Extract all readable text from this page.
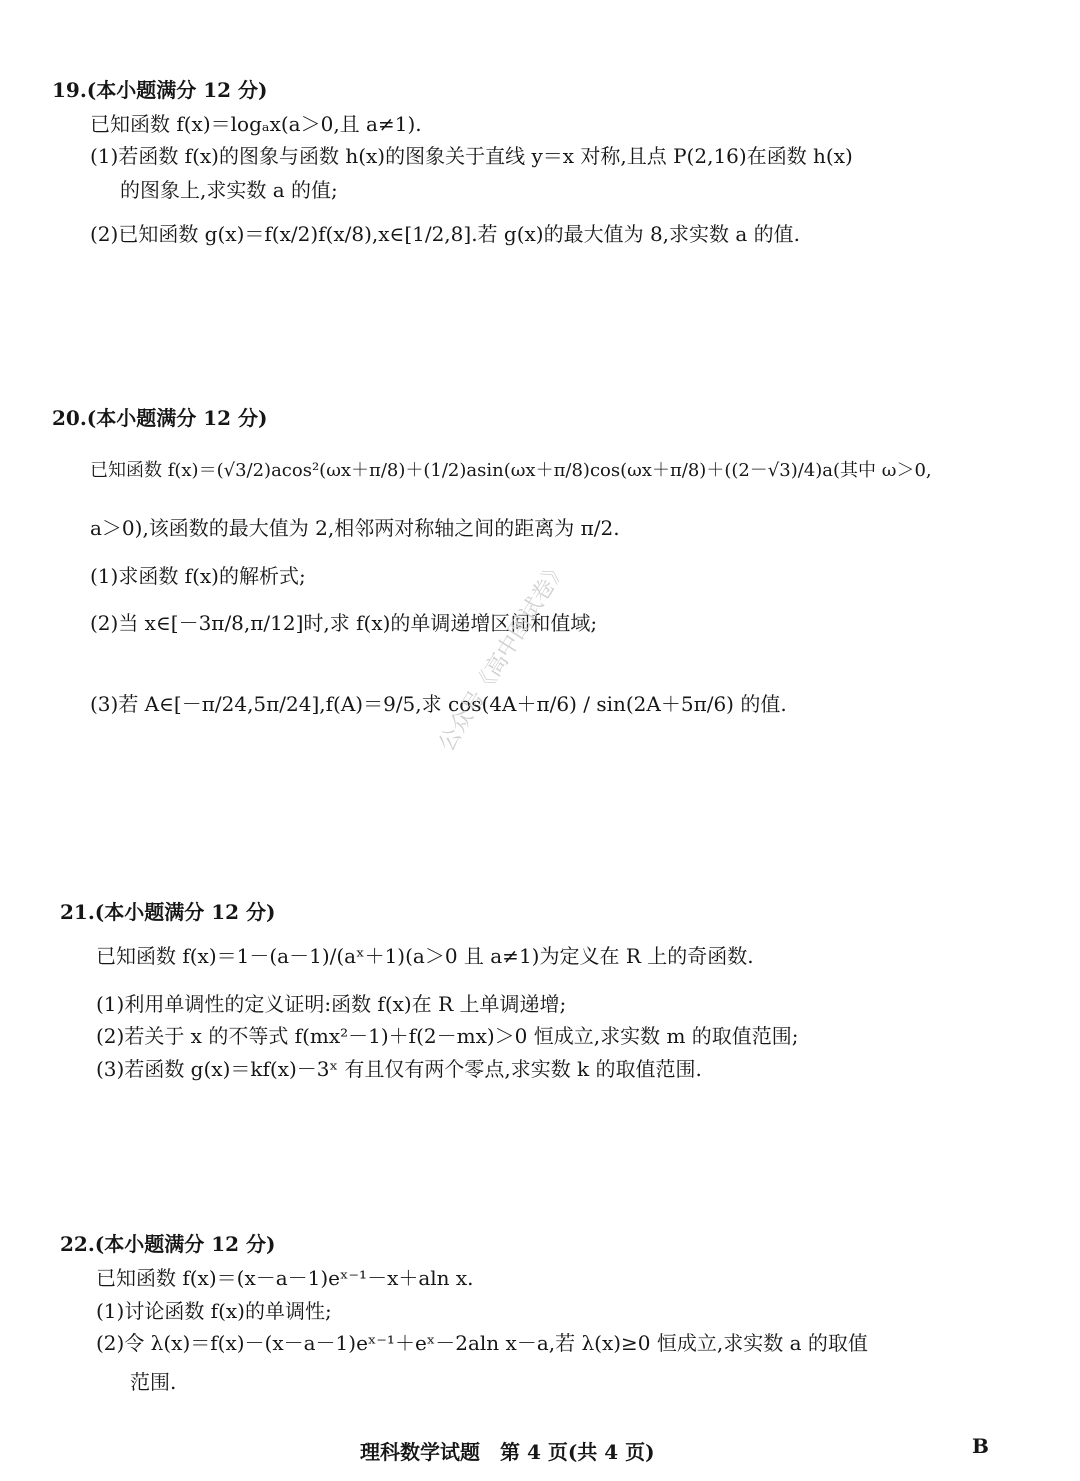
19.(本小题满分 12 分)
已知函数 f(x)＝logₐx(a＞0,且 a≠1).
(1)若函数 f(x)的图象与函数 h(x)的图象关于直线 y＝x 对称,且点 P(2,16)在函数 h(x)
的图象上,求实数 a 的值;
(2)已知函数 g(x)＝f(x/2)f(x/8),x∈[1/2,8].若 g(x)的最大值为 8,求实数 a 的值.
20.(本小题满分 12 分)
已知函数 f(x)＝(√3/2)acos²(ωx＋π/8)＋(1/2)asin(ωx＋π/8)cos(ωx＋π/8)＋((2－√3)/4)a(其中 ω＞0,
a＞0),该函数的最大值为 2,相邻两对称轴之间的距离为 π/2.
(1)求函数 f(x)的解析式;
(2)当 x∈[－3π/8,π/12]时,求 f(x)的单调递增区间和值域;
(3)若 A∈[－π/24,5π/24],f(A)＝9/5,求 cos(4A＋π/6) / sin(2A＋5π/6) 的值.
公众号《高中图试卷》
21.(本小题满分 12 分)
已知函数 f(x)＝1－(a－1)/(aˣ＋1)(a＞0 且 a≠1)为定义在 R 上的奇函数.
(1)利用单调性的定义证明:函数 f(x)在 R 上单调递增;
(2)若关于 x 的不等式 f(mx²－1)＋f(2－mx)＞0 恒成立,求实数 m 的取值范围;
(3)若函数 g(x)＝kf(x)－3ˣ 有且仅有两个零点,求实数 k 的取值范围.
22.(本小题满分 12 分)
已知函数 f(x)＝(x－a－1)eˣ⁻¹－x＋aln x.
(1)讨论函数 f(x)的单调性;
(2)令 λ(x)＝f(x)－(x－a－1)eˣ⁻¹＋eˣ－2aln x－a,若 λ(x)≥0 恒成立,求实数 a 的取值
范围.
理科数学试题　第 4 页(共 4 页)	B
